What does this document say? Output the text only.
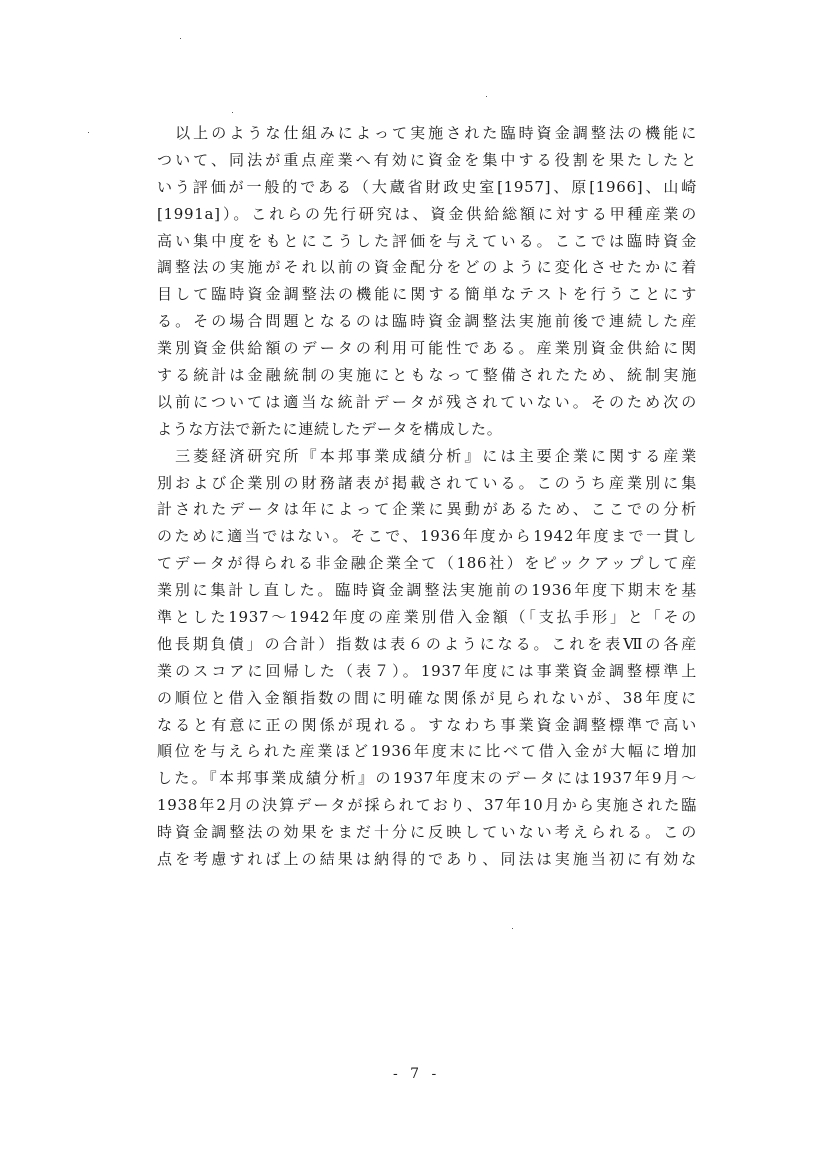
　以上のような仕組みによって実施された臨時資金調整法の機能に
ついて、同法が重点産業へ有効に資金を集中する役割を果たしたと
いう評価が一般的である（大蔵省財政史室[1957]、原[1966]、山崎
[1991a]）。これらの先行研究は、資金供給総額に対する甲種産業の
高い集中度をもとにこうした評価を与えている。ここでは臨時資金
調整法の実施がそれ以前の資金配分をどのように変化させたかに着
目して臨時資金調整法の機能に関する簡単なテストを行うことにす
る。その場合問題となるのは臨時資金調整法実施前後で連続した産
業別資金供給額のデータの利用可能性である。産業別資金供給に関
する統計は金融統制の実施にともなって整備されたため、統制実施
以前については適当な統計データが残されていない。そのため次の
ような方法で新たに連続したデータを構成した。
　三菱経済研究所『本邦事業成績分析』には主要企業に関する産業
別および企業別の財務諸表が掲載されている。このうち産業別に集
計されたデータは年によって企業に異動があるため、ここでの分析
のために適当ではない。そこで、1936年度から1942年度まで一貫し
てデータが得られる非金融企業全て（186社）をピックアップして産
業別に集計し直した。臨時資金調整法実施前の1936年度下期末を基
準とした1937～1942年度の産業別借入金額（「支払手形」と「その
他長期負債」の合計）指数は表６のようになる。これを表Ⅶの各産
業のスコアに回帰した（表７）。1937年度には事業資金調整標準上
の順位と借入金額指数の間に明確な関係が見られないが、38年度に
なると有意に正の関係が現れる。すなわち事業資金調整標準で高い
順位を与えられた産業ほど1936年度末に比べて借入金が大幅に増加
した。『本邦事業成績分析』の1937年度末のデータには1937年9月～
1938年2月の決算データが採られており、37年10月から実施された臨
時資金調整法の効果をまだ十分に反映していない考えられる。この
点を考慮すれば上の結果は納得的であり、同法は実施当初に有効な
- 7 -
